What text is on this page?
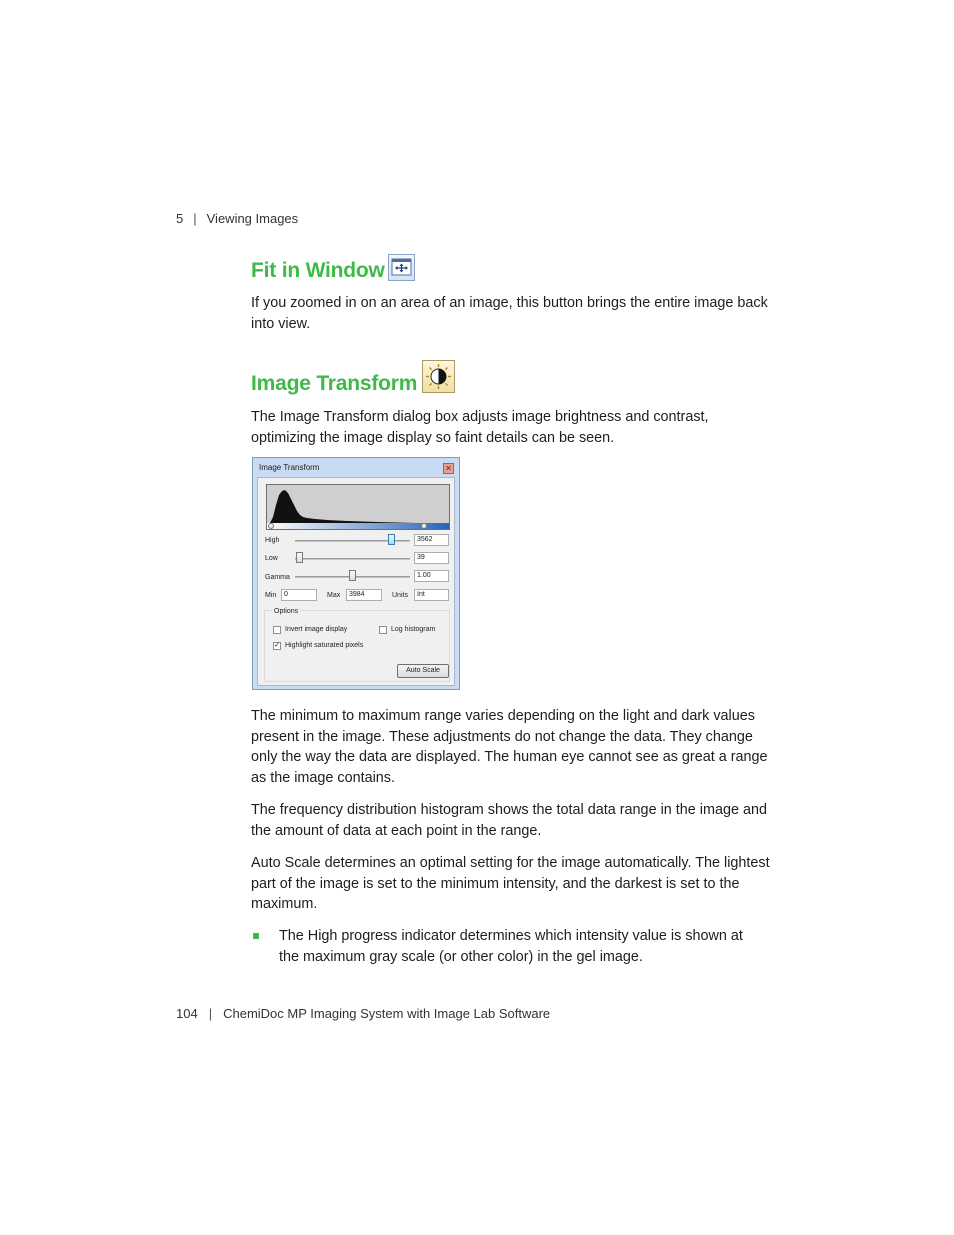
5 | Viewing Images
Fit in Window
If you zoomed in on an area of an image, this button brings the entire image back into view.
Image Transform
The Image Transform dialog box adjusts image brightness and contrast, optimizing the image display so faint details can be seen.
Image Transform	✕
High	3562
Low	39
Gamma	1.00
Min	0	Max	3984	Units	Int
Options
Invert image display	Log histogram
✓ Highlight saturated pixels
Auto Scale
The minimum to maximum range varies depending on the light and dark values present in the image. These adjustments do not change the data. They change only the way the data are displayed. The human eye cannot see as great a range as the image contains.
The frequency distribution histogram shows the total data range in the image and the amount of data at each point in the range.
Auto Scale determines an optimal setting for the image automatically. The lightest part of the image is set to the minimum intensity, and the darkest is set to the maximum.
The High progress indicator determines which intensity value is shown at the maximum gray scale (or other color) in the gel image.
104 | ChemiDoc MP Imaging System with Image Lab Software
